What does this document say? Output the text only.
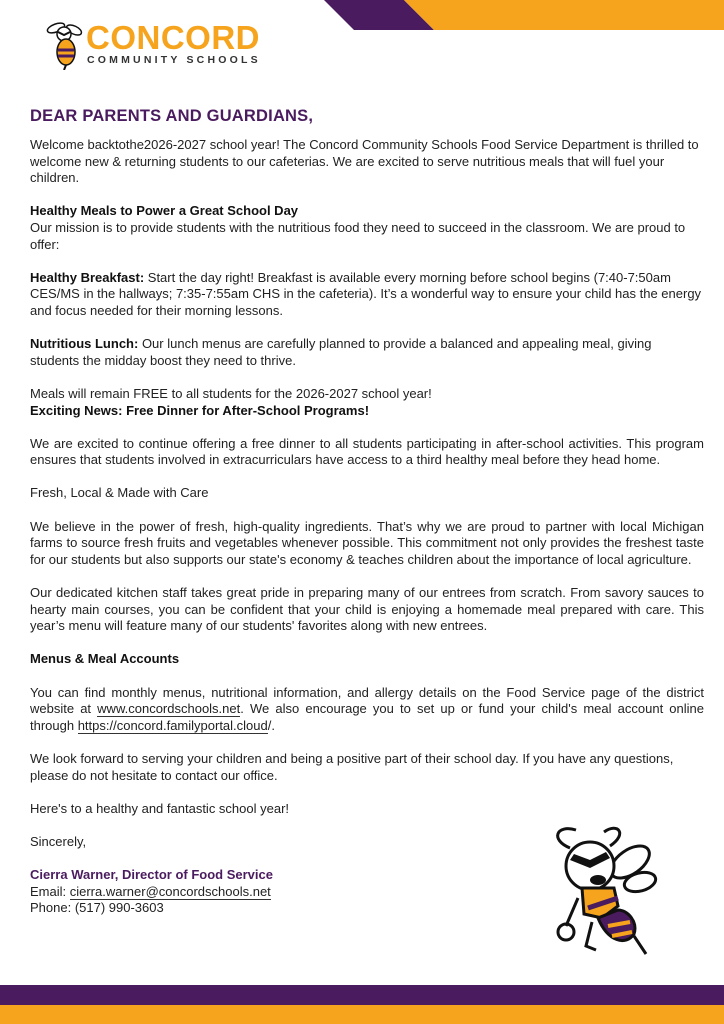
CONCORD
COMMUNITY SCHOOLS
DEAR PARENTS AND GUARDIANS,

Welcome backtothe2026-2027 school year! The Concord Community Schools Food Service Department is thrilled to welcome new & returning students to our cafeterias. We are excited to serve nutritious meals that will fuel your children.

Healthy Meals to Power a Great School Day

Our mission is to provide students with the nutritious food they need to succeed in the classroom. We are proud to offer:

Healthy Breakfast: Start the day right! Breakfast is available every morning before school begins (7:40-7:50am CES/MS in the hallways; 7:35-7:55am CHS in the cafeteria). It’s a wonderful way to ensure your child has the energy and focus needed for their morning lessons.

Nutritious Lunch: Our lunch menus are carefully planned to provide a balanced and appealing meal, giving students the midday boost they need to thrive.

Meals will remain FREE to all students for the 2026-2027 school year!

Exciting News: Free Dinner for After-School Programs!

We are excited to continue offering a free dinner to all students participating in after-school activities. This program ensures that students involved in extracurriculars have access to a third healthy meal before they head home.

Fresh, Local & Made with Care

We believe in the power of fresh, high-quality ingredients. That’s why we are proud to partner with local Michigan farms to source fresh fruits and vegetables whenever possible. This commitment not only provides the freshest taste for our students but also supports our state's economy & teaches children about the importance of local agriculture.

Our dedicated kitchen staff takes great pride in preparing many of our entrees from scratch. From savory sauces to hearty main courses, you can be confident that your child is enjoying a homemade meal prepared with care. This year’s menu will feature many of our students' favorites along with new entrees.

Menus & Meal Accounts

You can find monthly menus, nutritional information, and allergy details on the Food Service page of the district website at www.concordschools.net. We also encourage you to set up or fund your child's meal account online through https://concord.familyportal.cloud/.

We look forward to serving your children and being a positive part of their school day. If you have any questions, please do not hesitate to contact our office.

Here's to a healthy and fantastic school year!

Sincerely,

Cierra Warner, Director of Food Service

Email: cierra.warner@concordschools.net

Phone: (517) 990-3603
